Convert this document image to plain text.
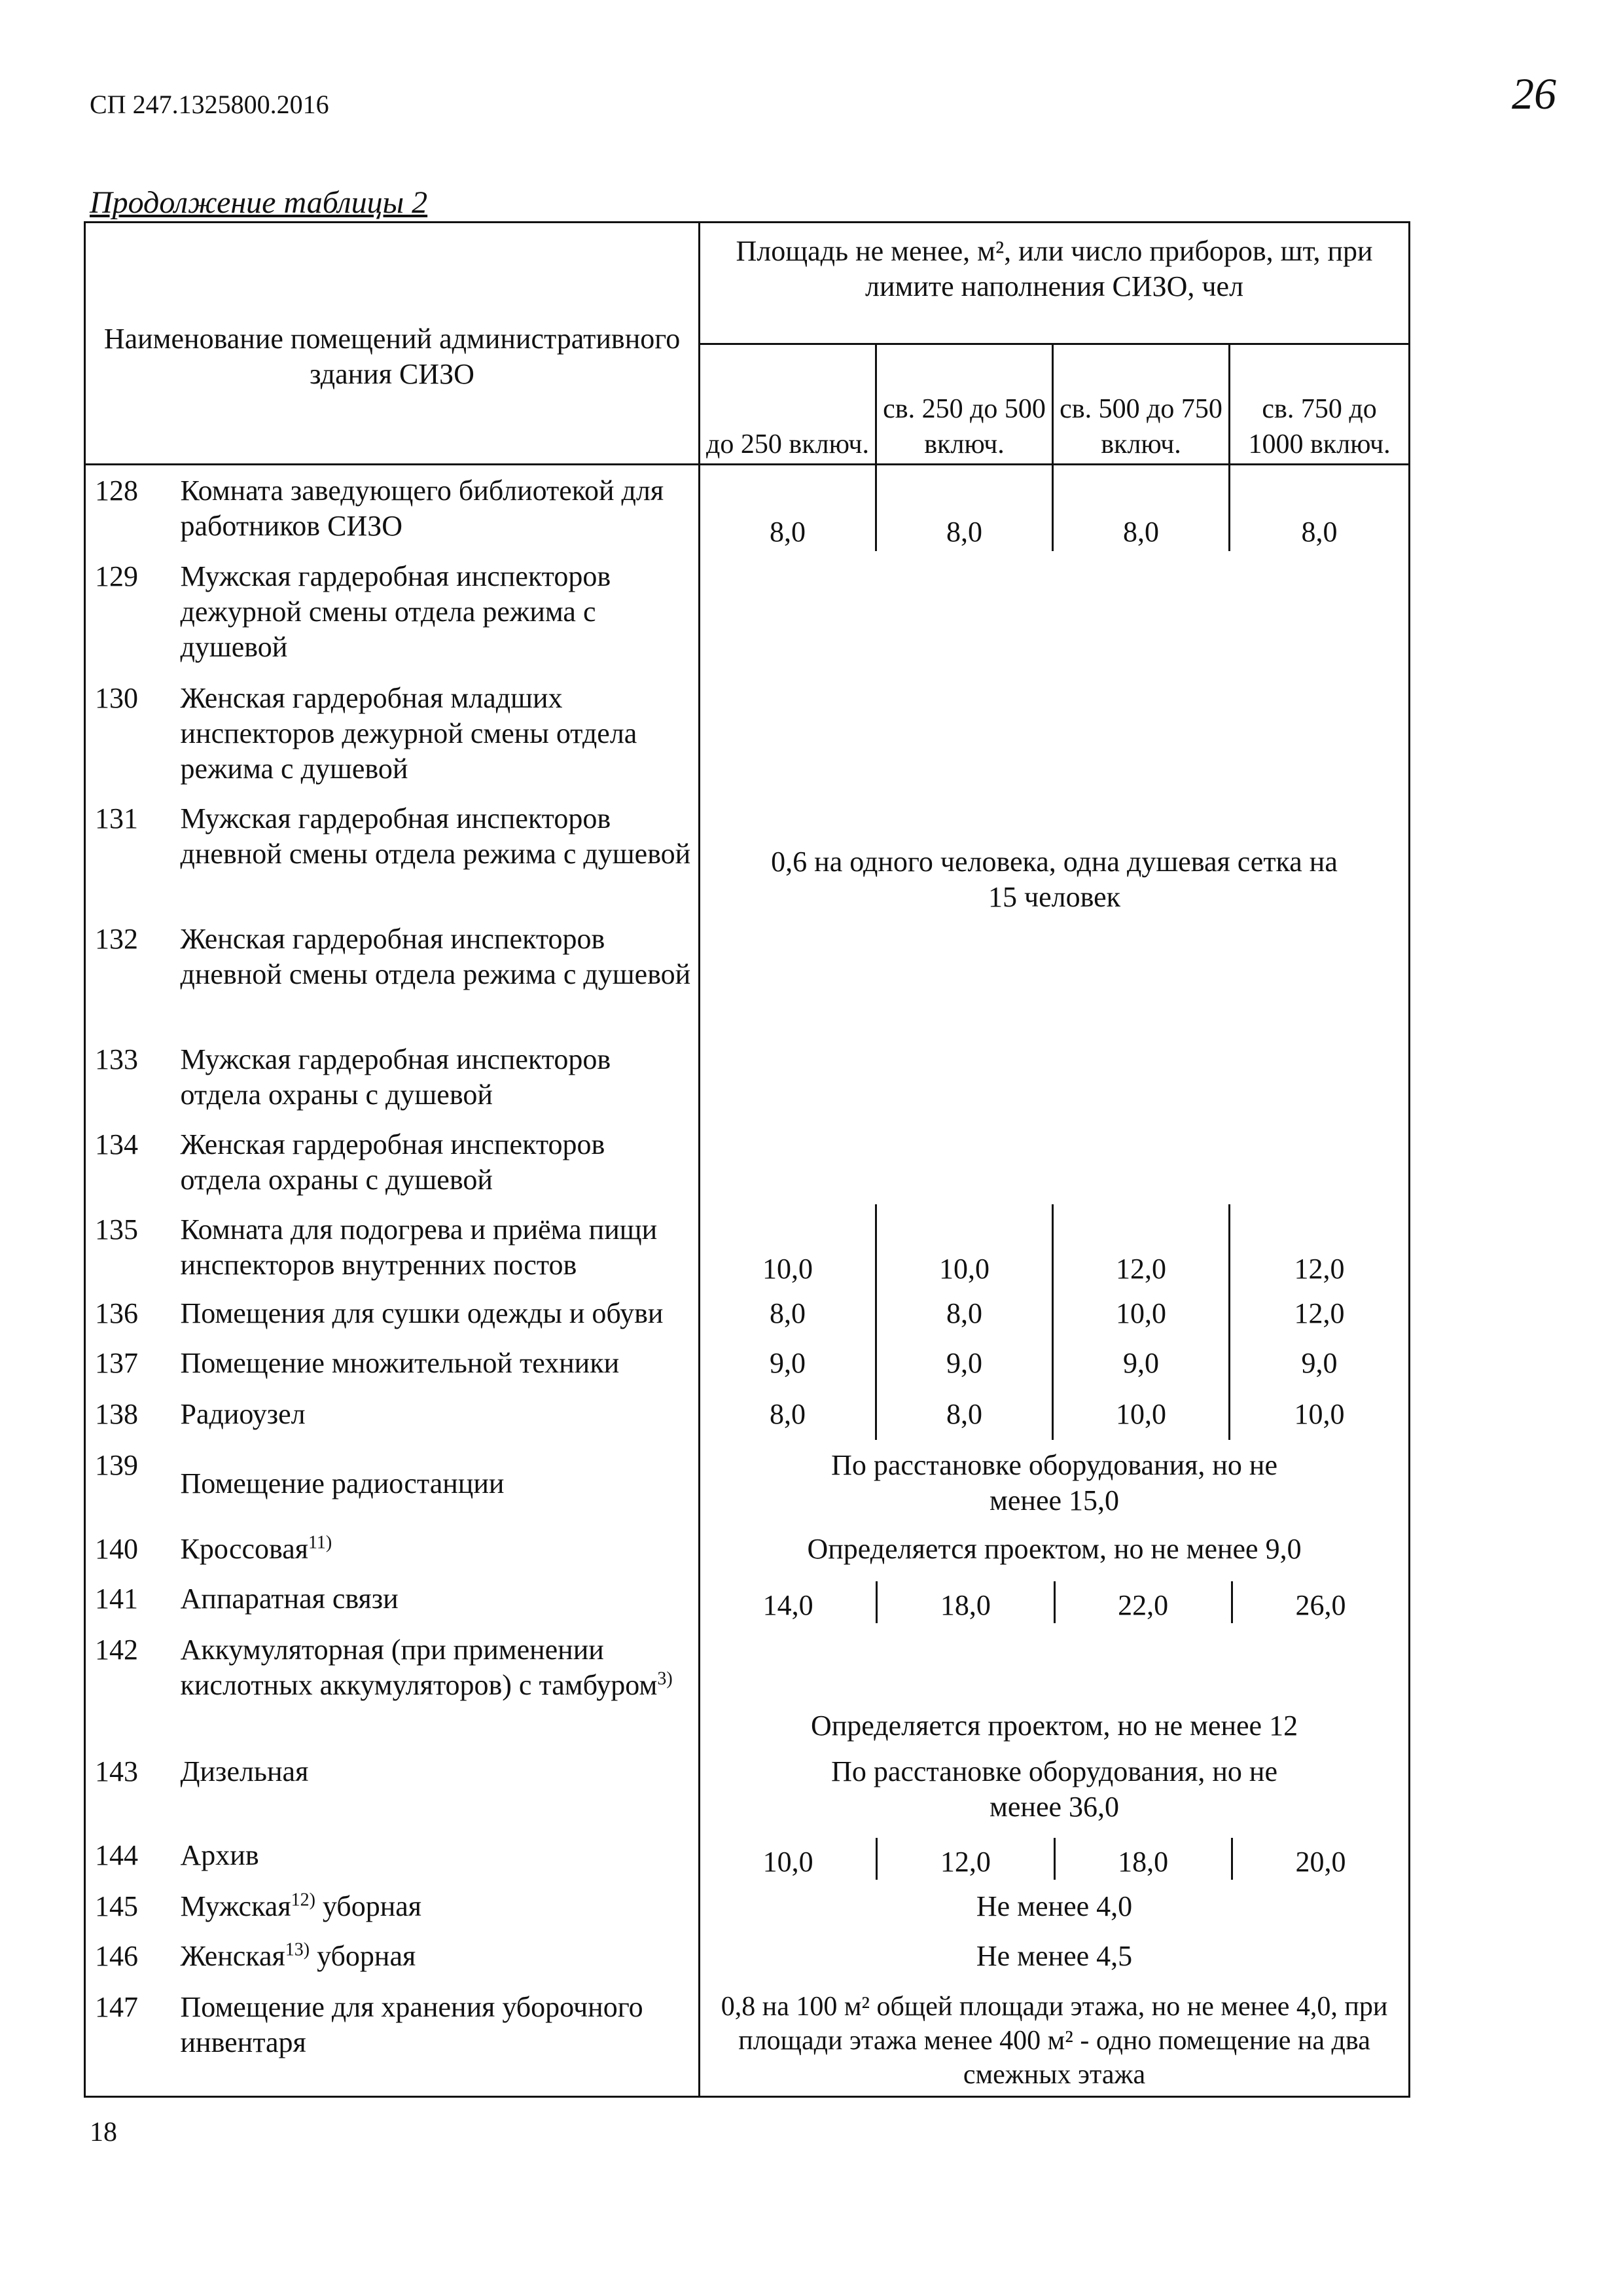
СП 247.1325800.2016	26
Продолжение таблицы 2
Наименование помещений административного здания СИЗО		Площадь не менее, м², или число приборов, шт, при лимите наполнения СИЗО, чел			
		до 250 включ.	св. 250 до 500 включ.	св. 500 до 750 включ.	св. 750 до 1000 включ.
128	Комната заведующего библиотекой для работников СИЗО	8,0	8,0	8,0	8,0
129	Мужская гардеробная инспекторов дежурной смены отдела режима с душевой	0,6 на одного человека, одна душевая сетка на 15 человек			

130	Женская гардеробная младших инспекторов дежурной смены отдела режима с душевой				
131	Мужская гардеробная инспекторов дневной смены отдела режима с душевой				
132	Женская гардеробная инспекторов дневной смены отдела режима с душевой				
133	Мужская гардеробная инспекторов отдела охраны с душевой				
134	Женская гардеробная инспекторов отдела охраны с душевой				
135	Комната для подогрева и приёма пищи инспекторов внутренних постов	10,0	10,0	12,0	12,0
136	Помещения для сушки одежды и обуви	8,0	8,0	10,0	12,0
137	Помещение множительной техники	9,0	9,0	9,0	9,0
138	Радиоузел	8,0	8,0	10,0	10,0
139	Помещение радиостанции	По расстановке оборудования, но не менее 15,0			

140	Кроссовая$^{11)}$	Определяется проектом, но не менее 9,0			
141	Аппаратная связи	14,0 18,0 22,0 26,0			

142	Аккумуляторная (при применении кислотных аккумуляторов) с тамбуром$^{3)}$	Определяется проектом, но не менее 12			
143	Дизельная	По расстановке оборудования, но не менее 36,0			

144	Архив	10,0 12,0 18,0 20,0			

145	Мужская$^{12)}$ уборная	Не менее 4,0			
146	Женская$^{13)}$ уборная	Не менее 4,5			
147	Помещение для хранения уборочного инвентаря	0,8 на 100 м² общей площади этажа, но не менее 4,0, при площади этажа менее 400 м² - одно помещение на два смежных этажа			
18
